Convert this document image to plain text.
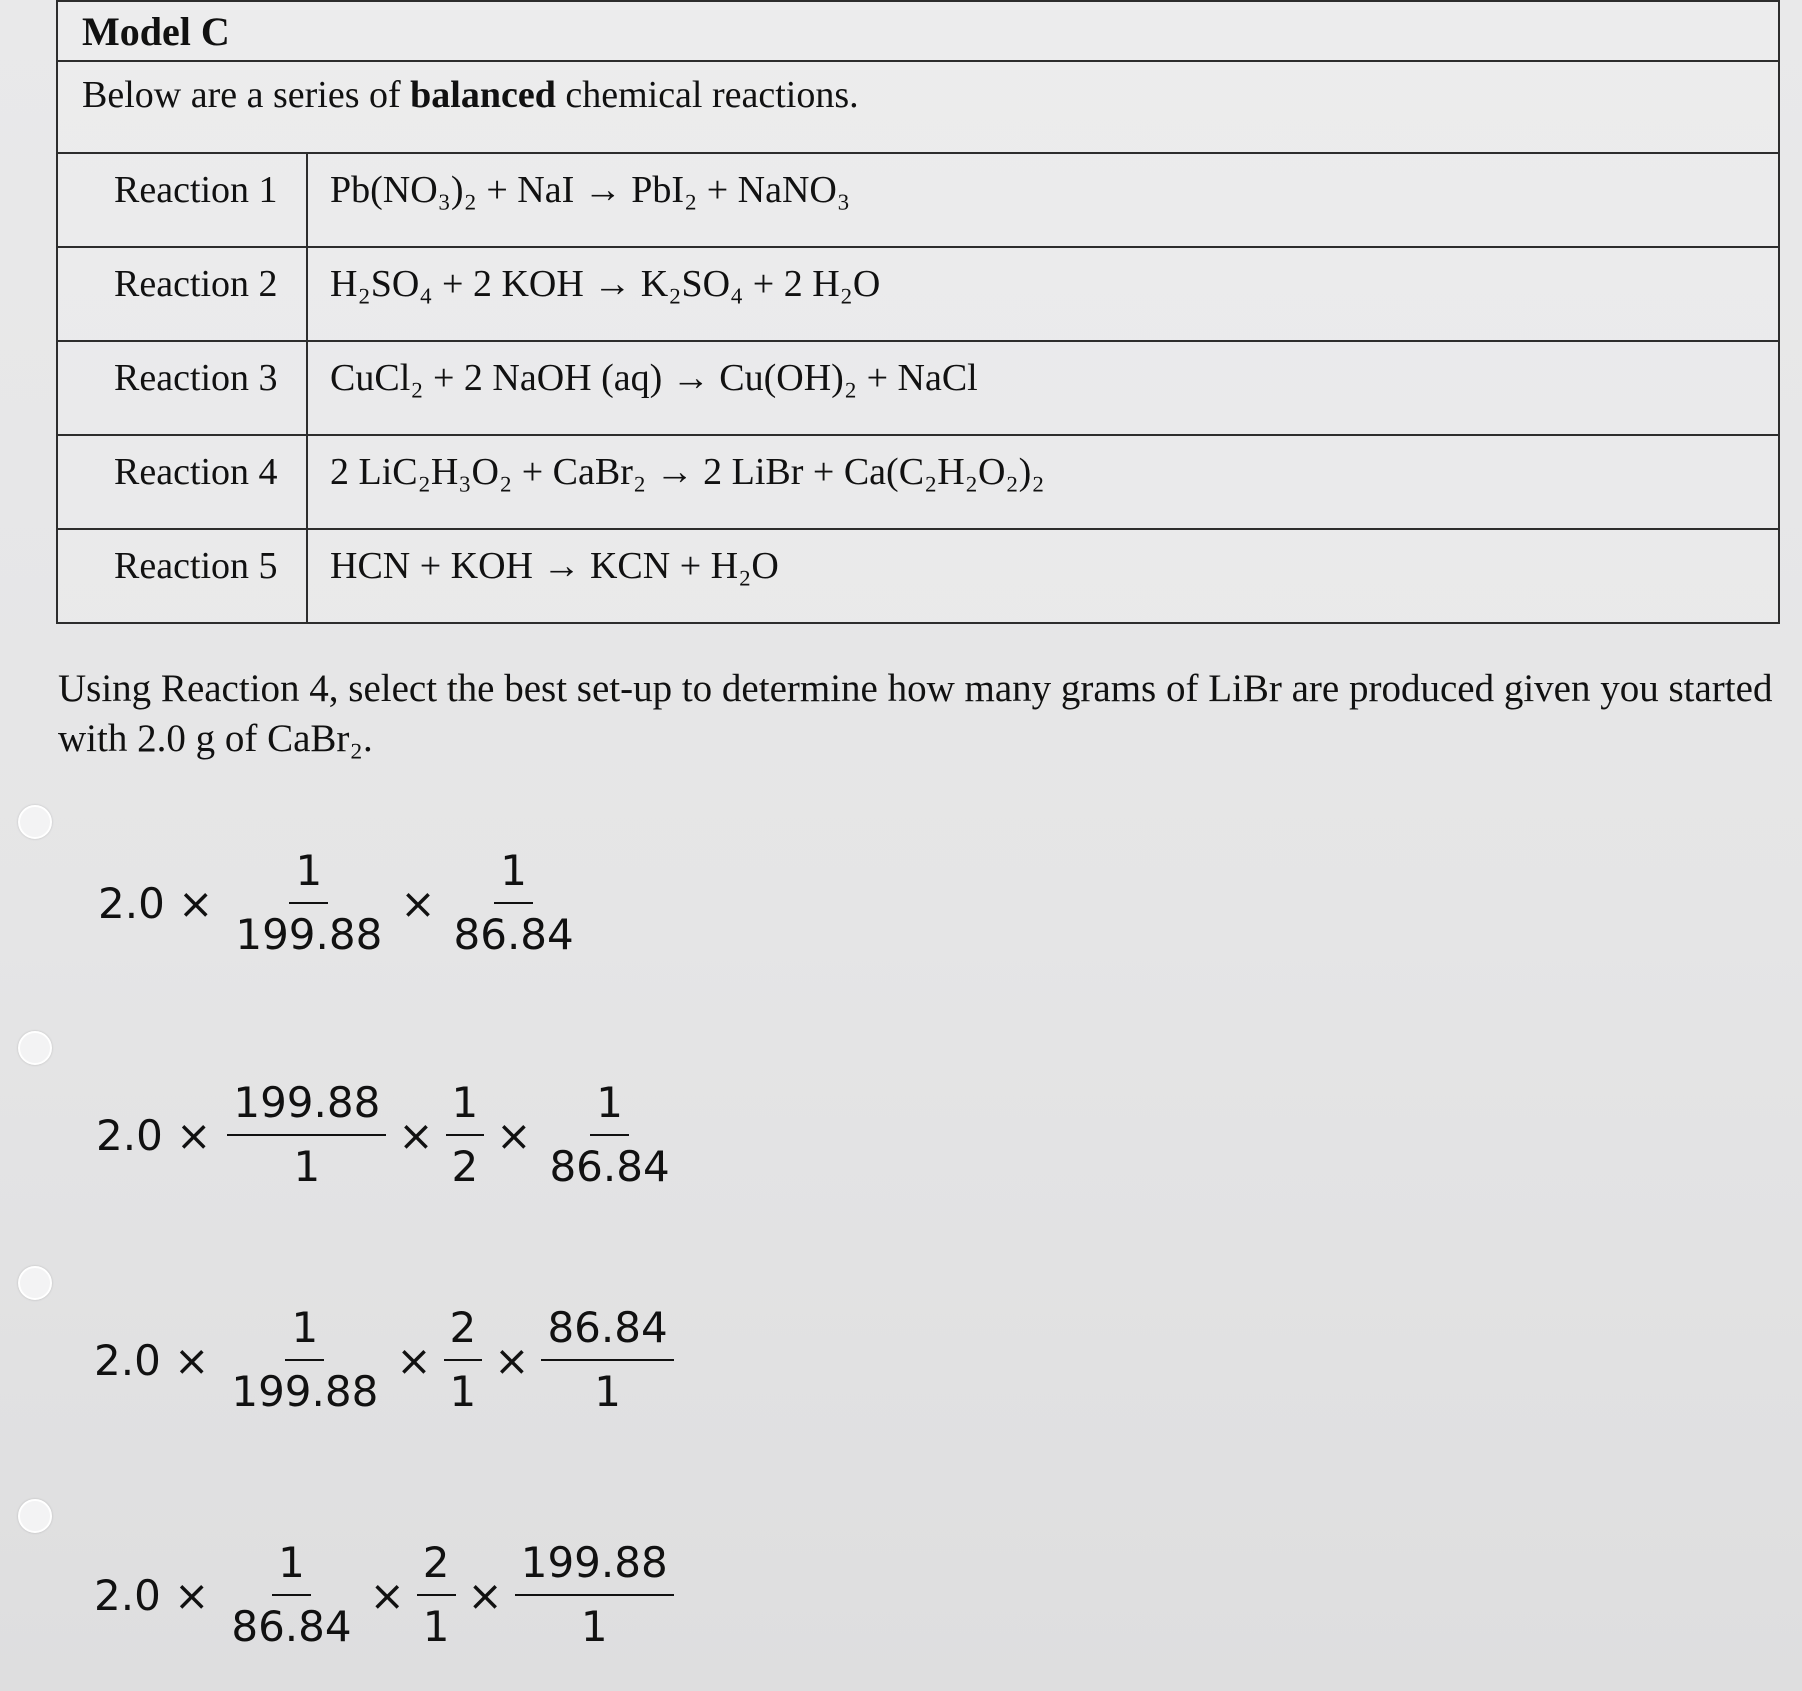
Model C
Below are a series of balanced chemical reactions.
Reaction 1	Pb(NO₃)₂ + NaI → PbI₂ + NaNO₃
Reaction 2	H₂SO₄ + 2 KOH → K₂SO₄ + 2 H₂O
Reaction 3	CuCl₂ + 2 NaOH (aq) → Cu(OH)₂ + NaCl
Reaction 4	2 LiC₂H₃O₂ + CaBr₂ → 2 LiBr + Ca(C₂H₂O₂)₂
Reaction 5	HCN + KOH → KCN + H₂O
Using Reaction 4, select the best set-up to determine how many grams of LiBr are produced given you started with 2.0 g of CaBr₂.
$2.0 \times \frac{1}{199.88} \times \frac{1}{86.84}$
$2.0 \times \frac{199.88}{1} \times \frac{1}{2} \times \frac{1}{86.84}$
$2.0 \times \frac{1}{199.88} \times \frac{2}{1} \times \frac{86.84}{1}$
$2.0 \times \frac{1}{86.84} \times \frac{2}{1} \times \frac{199.88}{1}$
